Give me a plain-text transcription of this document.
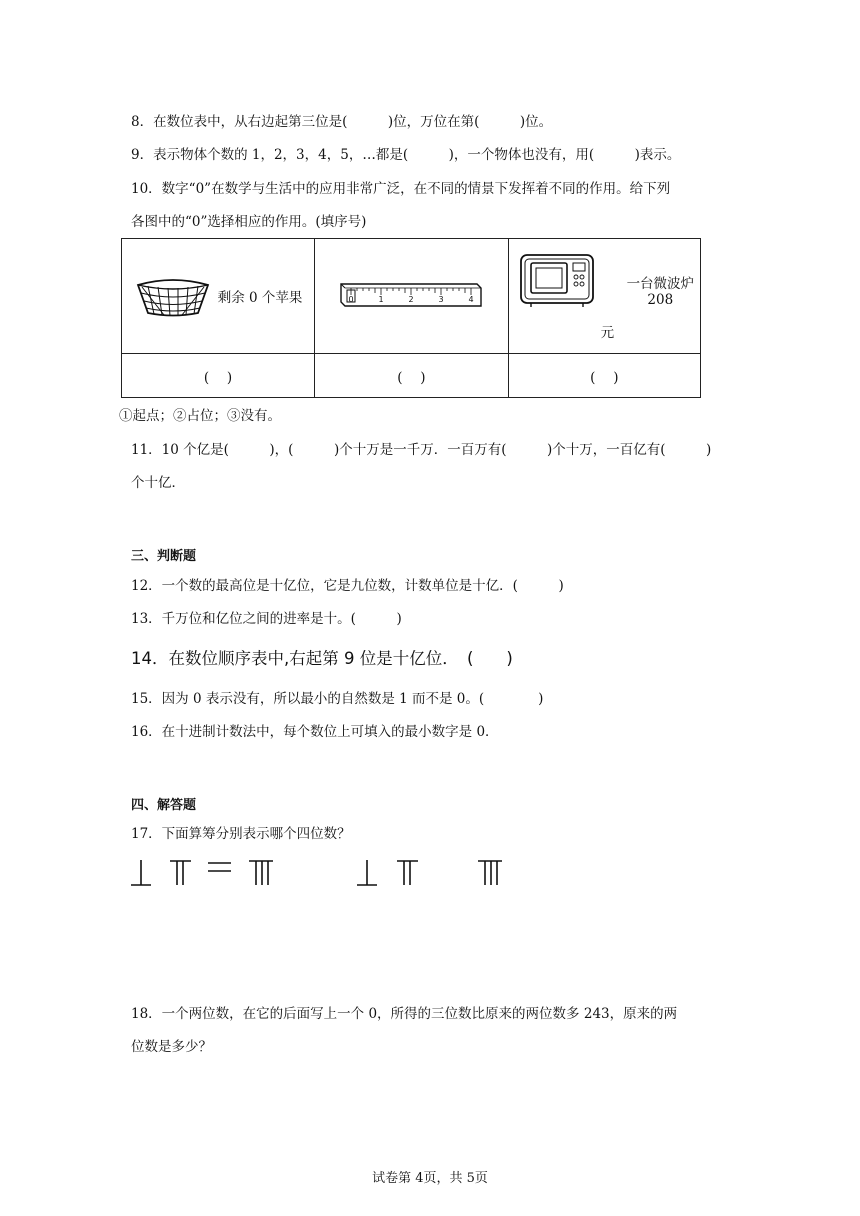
8．在数位表中，从右边起第三位是(　　　)位，万位在第(　　　)位。
9．表示物体个数的 1，2，3，4，5，…都是(　　　)，一个物体也没有，用(　　　)表示。
10．数字“0”在数学与生活中的应用非常广泛，在不同的情景下发挥着不同的作用。给下列
各图中的“0”选择相应的作用。(填序号)
剩余 0 个苹果	0 1 2 3 4	一台微波炉 208
元

(　 )	(　 )	(　 )
①起点；②占位；③没有。
11．10 个亿是(　　　)，(　　　)个十万是一千万．一百万有(　　　)个十万，一百亿有(　　　)
个十亿．
三、判断题
12．一个数的最高位是十亿位，它是九位数，计数单位是十亿．(　　　)
13．千万位和亿位之间的进率是十。(　　　)
14．在数位顺序表中,右起第 9 位是十亿位．　(　　)
15．因为 0 表示没有，所以最小的自然数是 1 而不是 0。(　　　　)
16．在十进制计数法中，每个数位上可填入的最小数字是 0．
四、解答题
17．下面算筹分别表示哪个四位数？
18．一个两位数，在它的后面写上一个 0，所得的三位数比原来的两位数多 243，原来的两
位数是多少？
试卷第 4页，共 5页
